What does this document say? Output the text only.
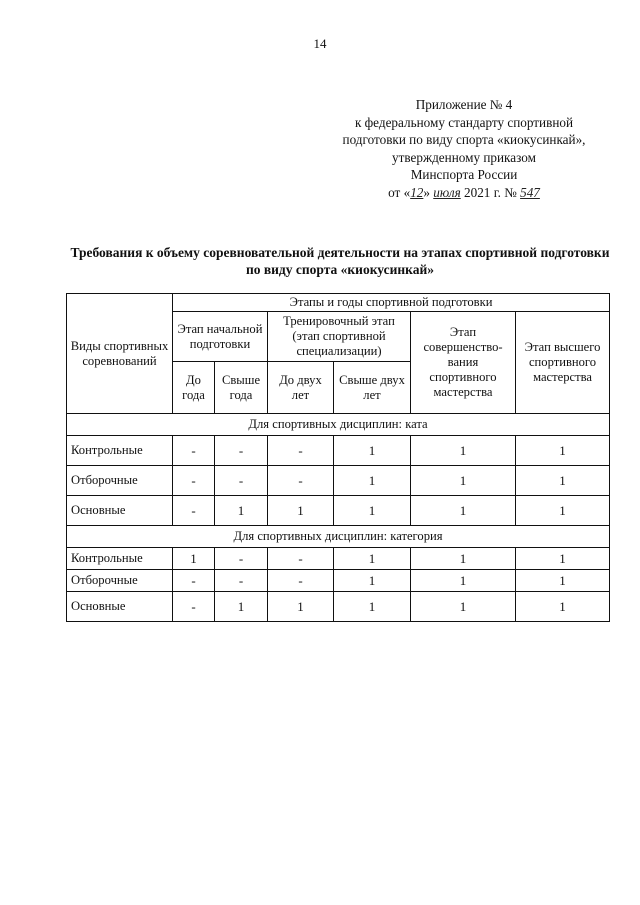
14
Приложение № 4
к федеральному стандарту спортивной
подготовки по виду спорта «киокусинкай»,
утвержденному приказом
Минспорта России
от «12» июля 2021 г. № 547
Требования к объему соревновательной деятельности на этапах спортивной подготовки по виду спорта «киокусинкай»
Виды спортивных соревнований	Этапы и годы спортивной подготовки					
	Этап начальной подготовки		Тренировочный этап (этап спортивной специализации)		Этап совершенство-вания спортивного мастерства	Этап высшего спортивного мастерства
	До года	Свыше года	До двух лет	Свыше двух лет		
Для спортивных дисциплин: ката						
Контрольные	-	-	-	1	1	1
Отборочные	-	-	-	1	1	1
Основные	-	1	1	1	1	1
Для спортивных дисциплин: категория						
Контрольные	1	-	-	1	1	1
Отборочные	-	-	-	1	1	1
Основные	-	1	1	1	1	1
